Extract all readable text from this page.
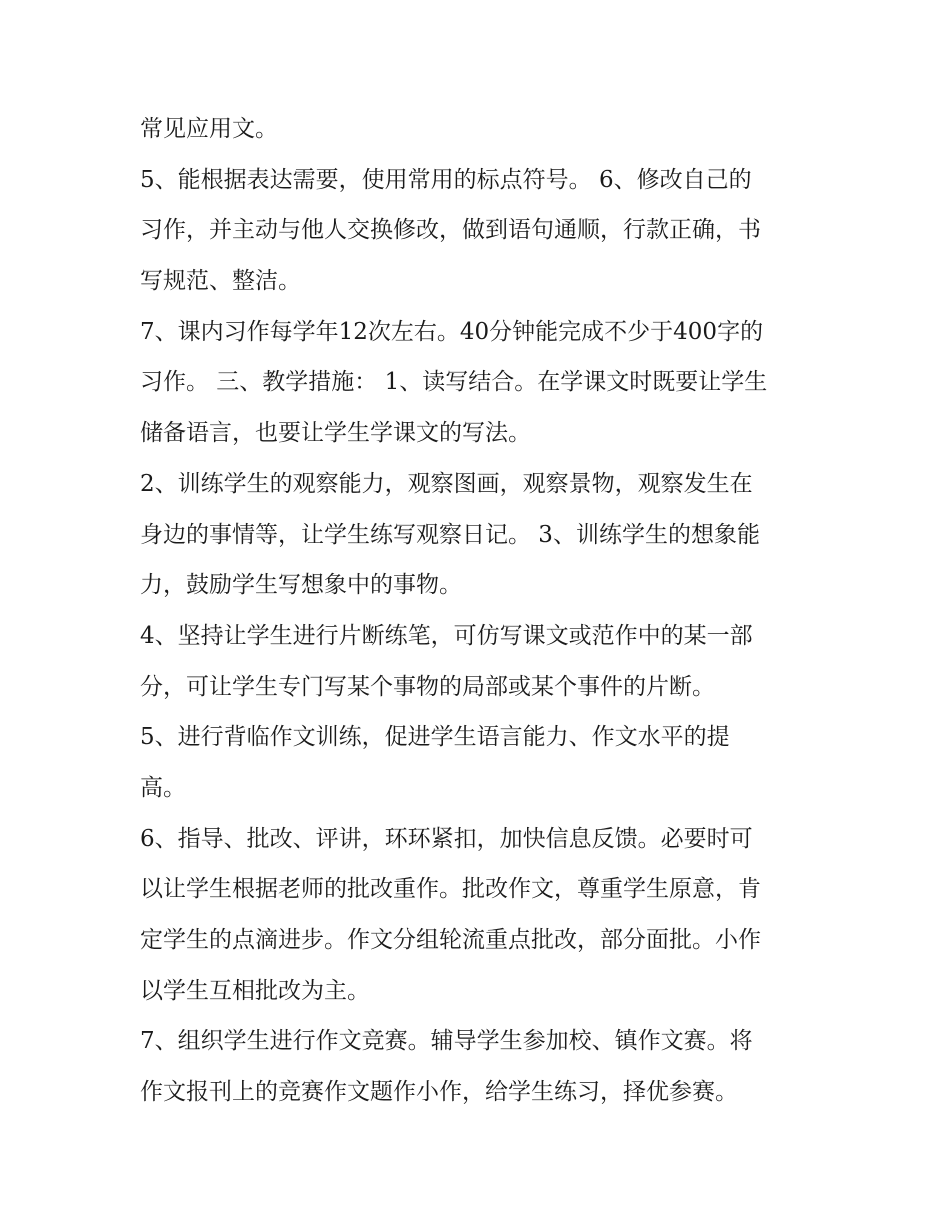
常见应用文。
5、能根据表达需要，使用常用的标点符号。 6、修改自己的
习作，并主动与他人交换修改，做到语句通顺，行款正确，书
写规范、整洁。
7、课内习作每学年12次左右。40分钟能完成不少于400字的
习作。 三、教学措施： 1、读写结合。在学课文时既要让学生
储备语言，也要让学生学课文的写法。
2、训练学生的观察能力，观察图画，观察景物，观察发生在
身边的事情等，让学生练写观察日记。 3、训练学生的想象能
力，鼓励学生写想象中的事物。
4、坚持让学生进行片断练笔，可仿写课文或范作中的某一部
分，可让学生专门写某个事物的局部或某个事件的片断。
5、进行背临作文训练，促进学生语言能力、作文水平的提
高。
6、指导、批改、评讲，环环紧扣，加快信息反馈。必要时可
以让学生根据老师的批改重作。批改作文，尊重学生原意，肯
定学生的点滴进步。作文分组轮流重点批改，部分面批。小作
以学生互相批改为主。
7、组织学生进行作文竞赛。辅导学生参加校、镇作文赛。将
作文报刊上的竞赛作文题作小作，给学生练习，择优参赛。
